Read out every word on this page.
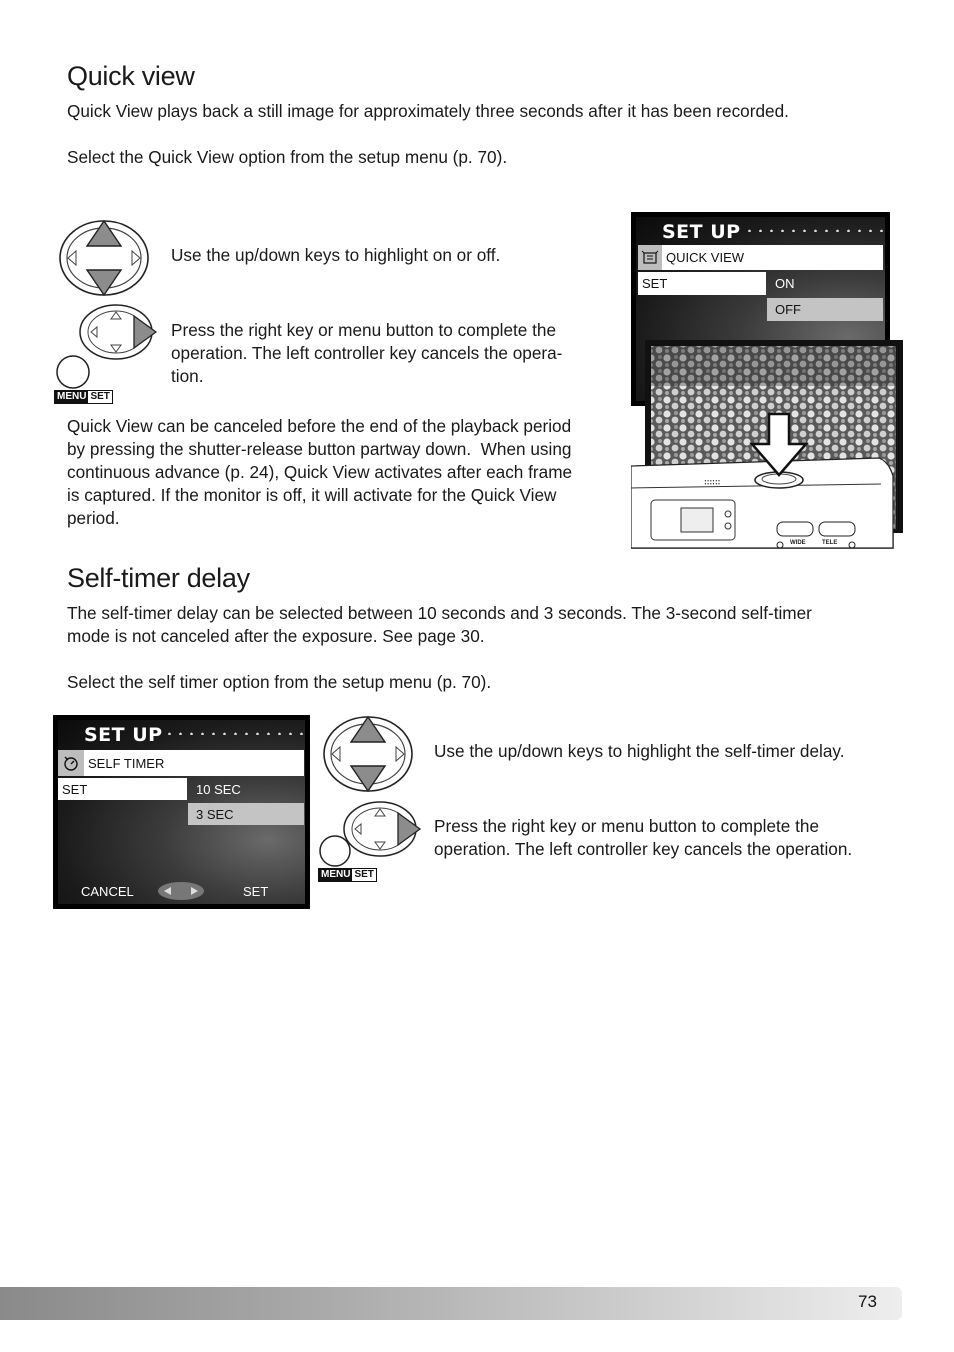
Quick view

Quick View plays back a still image for approximately three seconds after it has been recorded.

Select the Quick View option from the setup menu (p. 70).

Use the up/down keys to highlight on or off.

MENU SET

Press the right key or menu button to complete the
operation. The left controller key cancels the opera-
tion.

Quick View can be canceled before the end of the playback period
by pressing the shutter-release button partway down.  When using
continuous advance (p. 24), Quick View activates after each frame
is captured. If the monitor is off, it will activate for the Quick View
period.

SET UP
QUICK VIEW
SET	ON
OFF
∷∷∷
WIDE	TELE
Self-timer delay

The self-timer delay can be selected between 10 seconds and 3 seconds. The 3-second self-timer
mode is not canceled after the exposure. See page 30.

Select the self timer option from the setup menu (p. 70).

SET UP
SELF TIMER
SET	10 SEC
3 SEC
CANCEL	SET

Use the up/down keys to highlight the self-timer delay.

MENU SET

Press the right key or menu button to complete the
operation. The left controller key cancels the operation.

73
